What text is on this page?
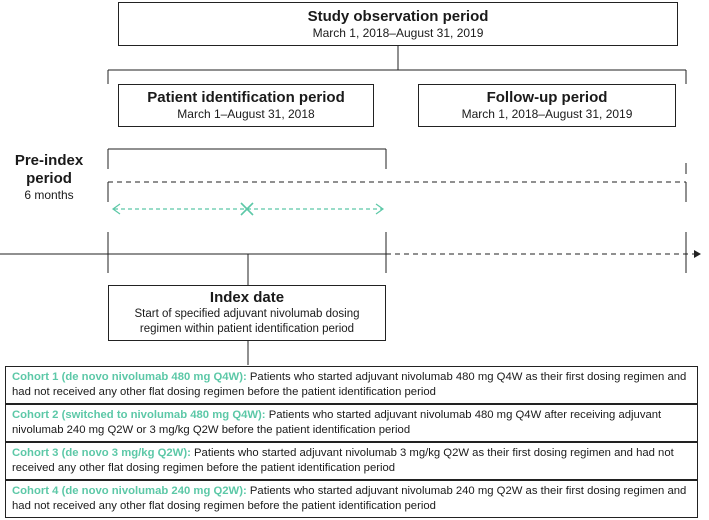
Study observation period
March 1, 2018–August 31, 2019
Patient identification period
March 1–August 31, 2018
Follow-up period
March 1, 2018–August 31, 2019
Pre-index
period
6 months
Index date
Start of specified adjuvant nivolumab dosing regimen within patient identification period
Cohort 1 (de novo nivolumab 480 mg Q4W): Patients who started adjuvant nivolumab 480 mg Q4W as their first dosing regimen and had not received any other flat dosing regimen before the patient identification period
Cohort 2 (switched to nivolumab 480 mg Q4W): Patients who started adjuvant nivolumab 480 mg Q4W after receiving adjuvant nivolumab 240 mg Q2W or 3 mg/kg Q2W before the patient identification period
Cohort 3 (de novo 3 mg/kg Q2W): Patients who started adjuvant nivolumab 3 mg/kg Q2W as their first dosing regimen and had not received any other flat dosing regimen before the patient identification period
Cohort 4 (de novo nivolumab 240 mg Q2W): Patients who started adjuvant nivolumab 240 mg Q2W as their first dosing regimen and had not received any other flat dosing regimen before the patient identification period
